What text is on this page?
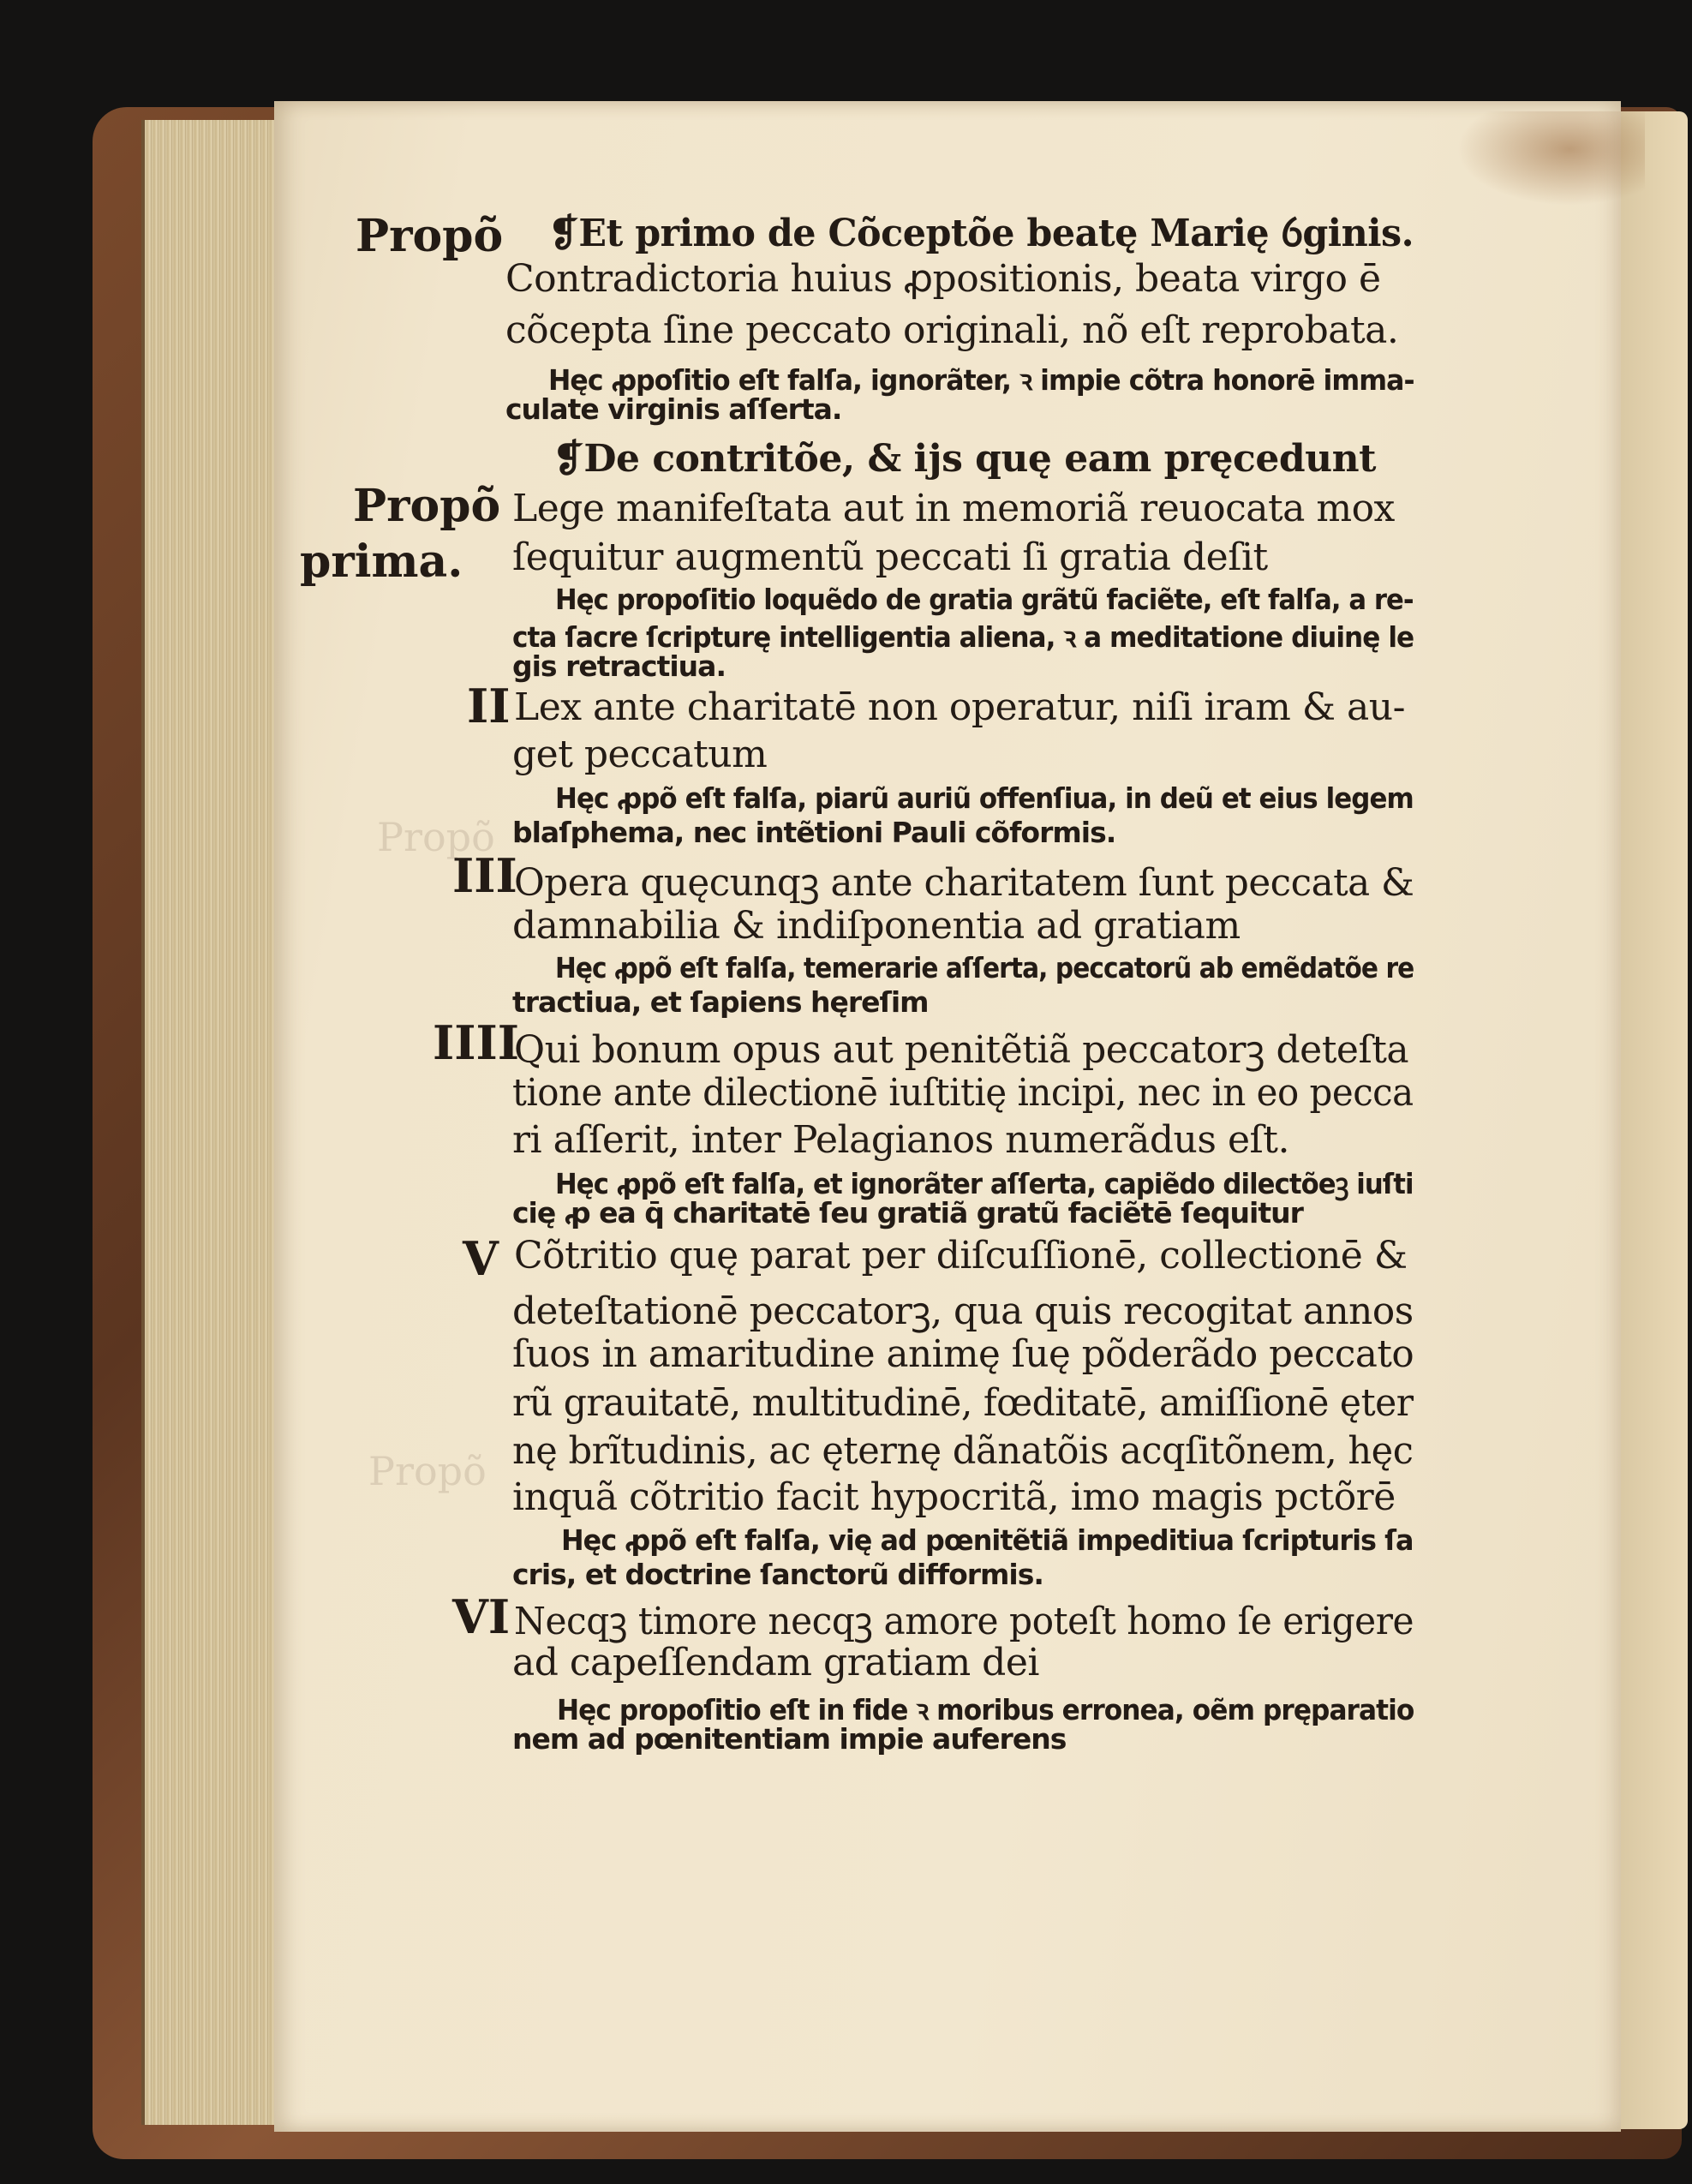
Propõ
Propõ
Propõ
Propõ
prima.
II
III
IIII
V
VI
❡Et primo de Cõceptõe beatę Marię ỽginis.
Contradictoria huius ꝓpositionis, beata virgo ē
cõcepta ſine peccato originali, nõ eſt reprobata.
Hęc ꝓpoſitio eſt falſa, ignorãter, ꝛ impie cõtra honorē imma-
culate virginis aſſerta.
❡De contritõe, & ĳs quę eam pręcedunt
Lege manifeſtata aut in memoriã reuocata mox
ſequitur augmentũ peccati ſi gratia deſit
Hęc propoſitio loquẽdo de gratia grãtũ faciẽte, eſt falſa, a re-
cta ſacre ſcripturę intelligentia aliena, ꝛ a meditatione diuinę le
gis retractiua.
Lex ante charitatē non operatur, niſi iram & au-
get peccatum
Hęc ꝓpõ eſt falſa, piarũ auriũ offenſiua, in deũ et eius legem
blaſphema, nec intẽtioni Pauli cõformis.
Opera quęcunqꝫ ante charitatem ſunt peccata &
damnabilia & indiſponentia ad gratiam
Hęc ꝓpõ eſt falſa, temerarie aſſerta, peccatorũ ab emẽdatõe re
tractiua, et ſapiens hęreſim
Qui bonum opus aut penitẽtiã peccatorꝫ deteſta
tione ante dilectionē iuſtitię incipi, nec in eo pecca
ri aſſerit, inter Pelagianos numerãdus eſt.
Hęc ꝓpõ eſt falſa, et ignorãter aſſerta, capiẽdo dilectõeꝫ iuſti
cię ꝓ ea q̄ charitatē ſeu gratiã gratũ faciẽtē ſequitur
Cõtritio quę parat per diſcuſſionē, collectionē &
deteſtationē peccatorꝫ, qua quis recogitat annos
ſuos in amaritudine animę ſuę põderãdo peccato
rũ grauitatē, multitudinē, fœditatē, amiſſionē ęter
nę brĩtudinis, ac ęternę dãnatõis acqſitõnem, hęc
inquã cõtritio facit hypocritã, imo magis pctõrē
Hęc ꝓpõ eſt falſa, vię ad pœnitẽtiã impeditiua ſcripturis ſa
cris, et doctrine ſanctorũ difformis.
Necqꝫ timore necqꝫ amore poteſt homo ſe erigere
ad capeſſendam gratiam dei
Hęc propoſitio eſt in fide ꝛ moribus erronea, oẽm pręparatio
nem ad pœnitentiam impie auferens
